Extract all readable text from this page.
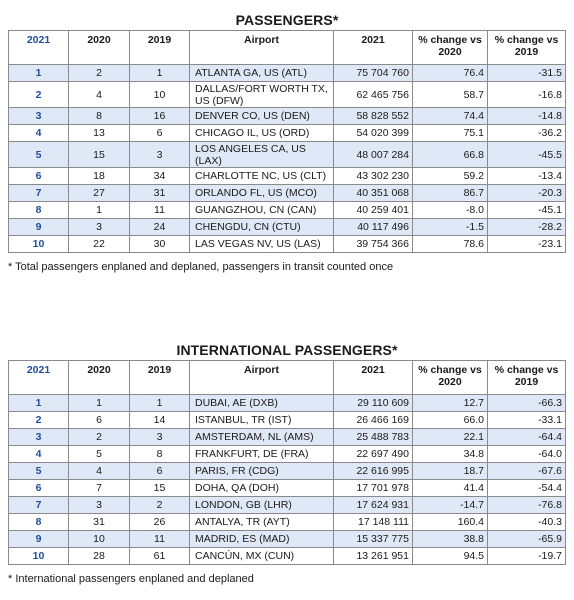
PASSENGERS*
2021	2020	2019	Airport	2021	% change vs 2020	% change vs 2019
1	2	1	ATLANTA GA, US (ATL)	75 704 760	76.4	-31.5
2	4	10	DALLAS/FORT WORTH TX, US (DFW)	62 465 756	58.7	-16.8
3	8	16	DENVER CO, US (DEN)	58 828 552	74.4	-14.8
4	13	6	CHICAGO IL, US (ORD)	54 020 399	75.1	-36.2
5	15	3	LOS ANGELES CA, US (LAX)	48 007 284	66.8	-45.5
6	18	34	CHARLOTTE NC, US (CLT)	43 302 230	59.2	-13.4
7	27	31	ORLANDO FL, US (MCO)	40 351 068	86.7	-20.3
8	1	11	GUANGZHOU, CN (CAN)	40 259 401	-8.0	-45.1
9	3	24	CHENGDU, CN (CTU)	40 117 496	-1.5	-28.2
10	22	30	LAS VEGAS NV, US (LAS)	39 754 366	78.6	-23.1
* Total passengers enplaned and deplaned, passengers in transit counted once
INTERNATIONAL PASSENGERS*
2021	2020	2019	Airport	2021	% change vs 2020	% change vs 2019
1	1	1	DUBAI, AE (DXB)	29 110 609	12.7	-66.3
2	6	14	ISTANBUL, TR (IST)	26 466 169	66.0	-33.1
3	2	3	AMSTERDAM, NL (AMS)	25 488 783	22.1	-64.4
4	5	8	FRANKFURT, DE (FRA)	22 697 490	34.8	-64.0
5	4	6	PARIS, FR (CDG)	22 616 995	18.7	-67.6
6	7	15	DOHA, QA (DOH)	17 701 978	41.4	-54.4
7	3	2	LONDON, GB (LHR)	17 624 931	-14.7	-76.8
8	31	26	ANTALYA, TR (AYT)	17 148 111	160.4	-40.3
9	10	11	MADRID, ES (MAD)	15 337 775	38.8	-65.9
10	28	61	CANCÚN, MX (CUN)	13 261 951	94.5	-19.7
* International passengers enplaned and deplaned
